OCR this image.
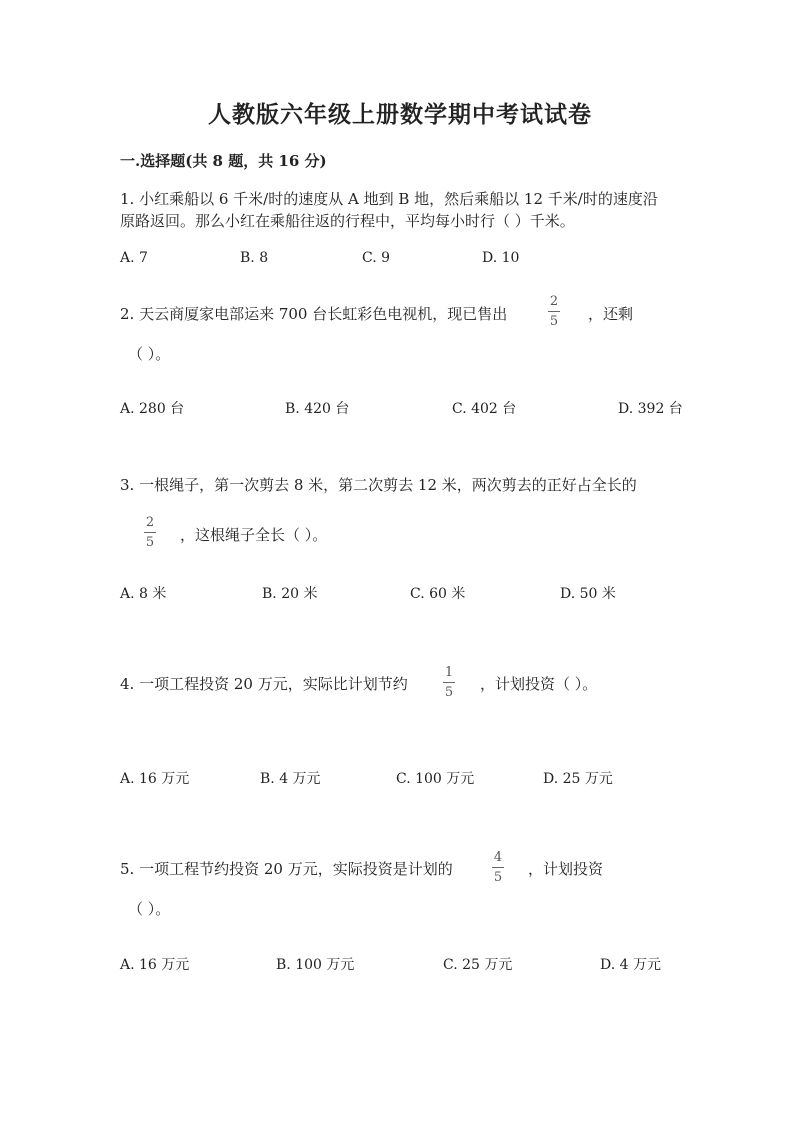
人教版六年级上册数学期中考试试卷
一.选择题(共 8 题，共 16 分)
1. 小红乘船以 6 千米/时的速度从 A 地到 B 地，然后乘船以 12 千米/时的速度沿
原路返回。那么小红在乘船往返的行程中，平均每小时行（ ）千米。
A. 7	B. 8	C. 9	D. 10
2. 天云商厦家电部运来 700 台长虹彩色电视机，现已售出
2
5 ，还剩
（ ）。
A. 280 台	B. 420 台	C. 402 台	D. 392 台
3. 一根绳子，第一次剪去 8 米，第二次剪去 12 米，两次剪去的正好占全长的
2
5 ，这根绳子全长（ ）。
A. 8 米	B. 20 米	C. 60 米	D. 50 米
4. 一项工程投资 20 万元，实际比计划节约
1
5 ，计划投资（ ）。
A. 16 万元	B. 4 万元	C. 100 万元	D. 25 万元
5. 一项工程节约投资 20 万元，实际投资是计划的
4
5 ，计划投资
（ ）。
A. 16 万元	B. 100 万元	C. 25 万元	D. 4 万元
